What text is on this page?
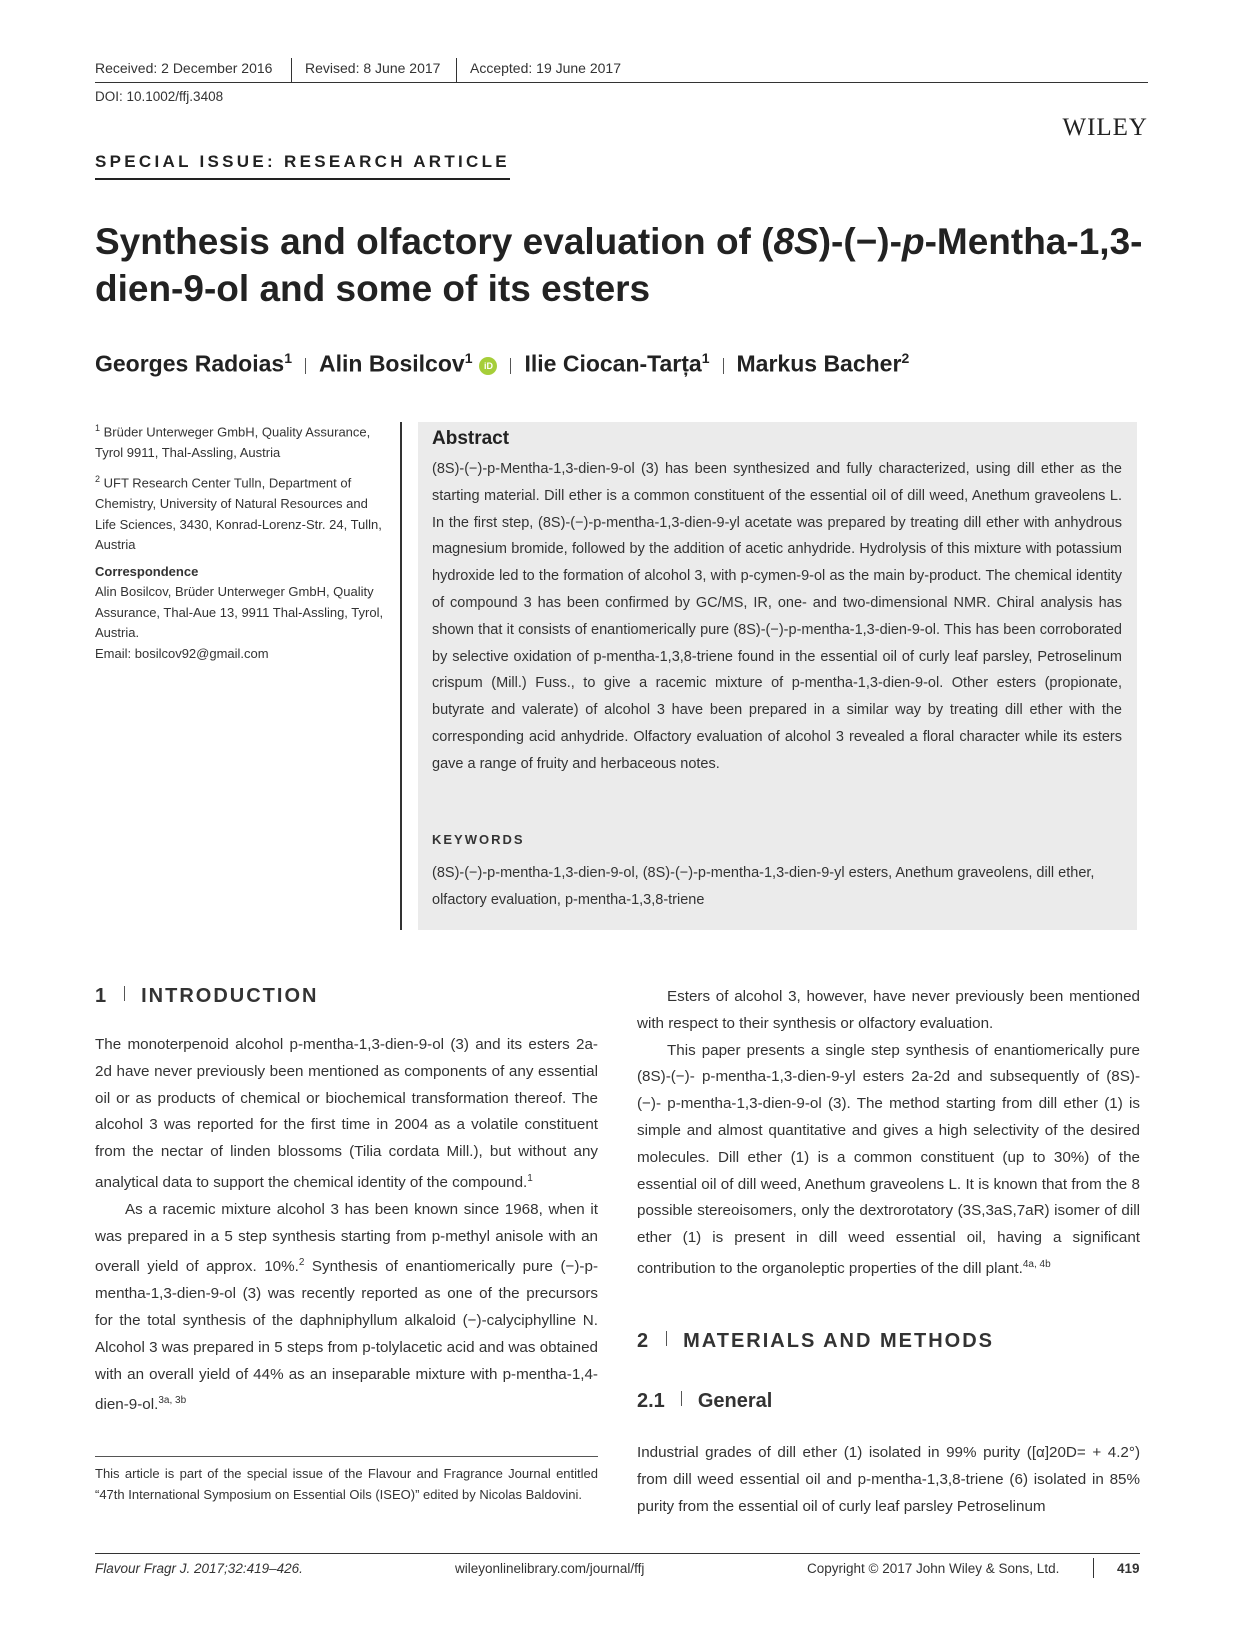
Received: 2 December 2016 Revised: 8 June 2017 Accepted: 19 June 2017
DOI: 10.1002/ffj.3408
WILEY
SPECIAL ISSUE: RESEARCH ARTICLE
Synthesis and olfactory evaluation of (8S)-(−)-p-Mentha-1,3-dien-9-ol and some of its esters
Georges Radoias$^1$ Alin Bosilcov$^1$ iD Ilie Ciocan-Tarța$^1$ Markus Bacher$^2$

$^1$ Brüder Unterweger GmbH, Quality Assurance, Tyrol 9911, Thal-Assling, Austria

$^2$ UFT Research Center Tulln, Department of Chemistry, University of Natural Resources and Life Sciences, 3430, Konrad-Lorenz-Str. 24, Tulln, Austria

Correspondence

Alin Bosilcov, Brüder Unterweger GmbH, Quality Assurance, Thal-Aue 13, 9911 Thal-Assling, Tyrol, Austria.

Email: bosilcov92@gmail.com

Abstract

(8S)-(−)-p-Mentha-1,3-dien-9-ol (3) has been synthesized and fully characterized, using dill ether as the starting material. Dill ether is a common constituent of the essential oil of dill weed, Anethum graveolens L. In the first step, (8S)-(−)-p-mentha-1,3-dien-9-yl acetate was prepared by treating dill ether with anhydrous magnesium bromide, followed by the addition of acetic anhydride. Hydrolysis of this mixture with potassium hydroxide led to the formation of alcohol 3, with p-cymen-9-ol as the main by-product. The chemical identity of compound 3 has been confirmed by GC/MS, IR, one- and two-dimensional NMR. Chiral analysis has shown that it consists of enantiomerically pure (8S)-(−)-p-mentha-1,3-dien-9-ol. This has been corroborated by selective oxidation of p-mentha-1,3,8-triene found in the essential oil of curly leaf parsley, Petroselinum crispum (Mill.) Fuss., to give a racemic mixture of p-mentha-1,3-dien-9-ol. Other esters (propionate, butyrate and valerate) of alcohol 3 have been prepared in a similar way by treating dill ether with the corresponding acid anhydride. Olfactory evaluation of alcohol 3 revealed a floral character while its esters gave a range of fruity and herbaceous notes.

KEYWORDS

(8S)-(−)-p-mentha-1,3-dien-9-ol, (8S)-(−)-p-mentha-1,3-dien-9-yl esters, Anethum graveolens, dill ether, olfactory evaluation, p-mentha-1,3,8-triene

1 INTRODUCTION

The monoterpenoid alcohol p-mentha-1,3-dien-9-ol (3) and its esters 2a-2d have never previously been mentioned as components of any essential oil or as products of chemical or biochemical transformation thereof. The alcohol 3 was reported for the first time in 2004 as a volatile constituent from the nectar of linden blossoms (Tilia cordata Mill.), but without any analytical data to support the chemical identity of the compound.$^1$

As a racemic mixture alcohol 3 has been known since 1968, when it was prepared in a 5 step synthesis starting from p-methyl anisole with an overall yield of approx. 10%.$^2$ Synthesis of enantiomerically pure (−)-p-mentha-1,3-dien-9-ol (3) was recently reported as one of the precursors for the total synthesis of the daphniphyllum alkaloid (−)-calyciphylline N. Alcohol 3 was prepared in 5 steps from p-tolylacetic acid and was obtained with an overall yield of 44% as an inseparable mixture with p-mentha-1,4-dien-9-ol.$^{3a, 3b}$

This article is part of the special issue of the Flavour and Fragrance Journal entitled “47th International Symposium on Essential Oils (ISEO)” edited by Nicolas Baldovini.

Esters of alcohol 3, however, have never previously been mentioned with respect to their synthesis or olfactory evaluation.

This paper presents a single step synthesis of enantiomerically pure (8S)-(−)- p-mentha-1,3-dien-9-yl esters 2a-2d and subsequently of (8S)-(−)- p-mentha-1,3-dien-9-ol (3). The method starting from dill ether (1) is simple and almost quantitative and gives a high selectivity of the desired molecules. Dill ether (1) is a common constituent (up to 30%) of the essential oil of dill weed, Anethum graveolens L. It is known that from the 8 possible stereoisomers, only the dextrorotatory (3S,3aS,7aR) isomer of dill ether (1) is present in dill weed essential oil, having a significant contribution to the organoleptic properties of the dill plant.$^{4a, 4b}$

2 MATERIALS AND METHODS
2.1 General

Industrial grades of dill ether (1) isolated in 99% purity ([α]20D= + 4.2°) from dill weed essential oil and p-mentha-1,3,8-triene (6) isolated in 85% purity from the essential oil of curly leaf parsley Petroselinum

Flavour Fragr J. 2017;32:419–426.	wileyonlinelibrary.com/journal/ffj	Copyright © 2017 John Wiley & Sons, Ltd.	419
